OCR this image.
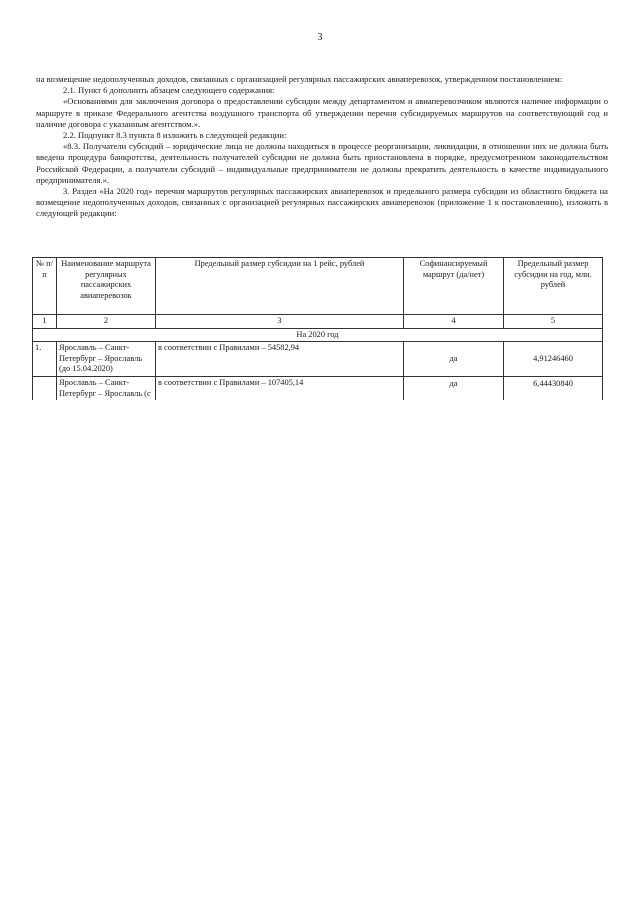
3

на возмещение недополученных доходов, связанных с организацией регулярных пассажирских авиаперевозок, утвержденном постановлением:

2.1. Пункт 6 дополнить абзацем следующего содержания:

«Основаниями для заключения договора о предоставлении субсидии между департаментом и авиаперевозчиком являются наличие информации о маршруте в приказе Федерального агентства воздушного транспорта об утверждении перечня субсидируемых маршрутов на соответствующий год и наличие договора с указанным агентством.».

2.2. Подпункт 8.3 пункта 8 изложить в следующей редакции:

«8.3. Получатели субсидий – юридические лица не должны находиться в процессе реорганизации, ликвидации, в отношении них не должна быть введена процедура банкротства, деятельность получателей субсидии не должна быть приостановлена в порядке, предусмотренном законодательством Российской Федерации, а получатели субсидий – индивидуальные предприниматели не должны прекратить деятельность в качестве индивидуального предпринимателя.».

3. Раздел «На 2020 год» перечня маршрутов регулярных пассажирских авиаперевозок и предельного размера субсидии из областного бюджета на возмещение недополученных доходов, связанных с организацией регулярных пассажирских авиаперевозок (приложение 1 к постановлению), изложить в следующей редакции:

№ п/п	Наименование маршрута регулярных пассажирских авиаперевозок	Предельный размер субсидии на 1 рейс, рублей	Софинансируемый маршрут (да/нет)	Предельный размер субсидии на год, млн. рублей
1	2	3	4	5
На 2020 год				
1.	Ярославль – Санкт-Петербург – Ярославль (до 15.04.2020)	в соответствии с Правилами – 54582,94	да	4,91246460
	Ярославль – Санкт-Петербург – Ярославль (с	в соответствии с Правилами – 107405,14	да	6,44430840
